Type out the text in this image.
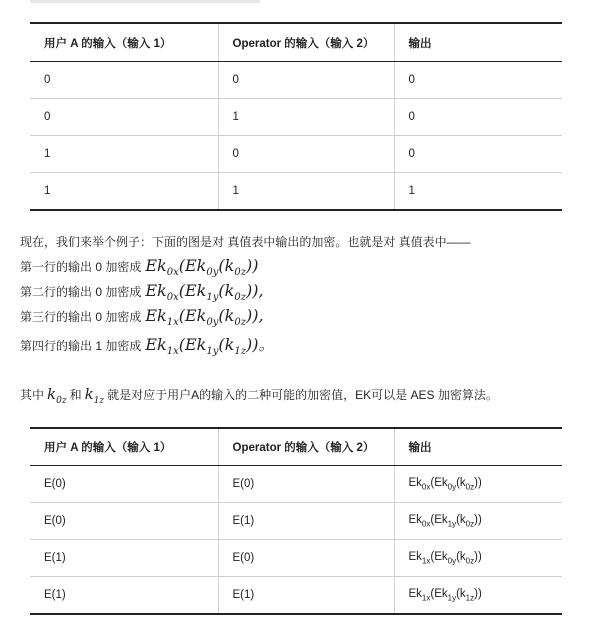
用户 A 的输入（输入 1）	Operator 的输入（输入 2）	输出
0	0	0
0	1	0
1	0	0
1	1	1
现在，我们来举个例子：下面的图是对 真值表中输出的加密。也就是对 真值表中——
第一行的输出 0 加密成 $Ek_{0x}(Ek_{0y}(k_{0z}))$
第二行的输出 0 加密成 $Ek_{0x}(Ek_{1y}(k_{0z}))$,
第三行的输出 0 加密成 $Ek_{1x}(Ek_{0y}(k_{0z}))$,
第四行的输出 1 加密成 $Ek_{1x}(Ek_{1y}(k_{1z}))$。
其中 $k_{0z}$ 和 $k_{1z}$ 就是对应于用户A的输入的二种可能的加密值，EK可以是 AES 加密算法。
用户 A 的输入（输入 1）	Operator 的输入（输入 2）	输出
E(0)	E(0)	$Ek_{0x}(Ek_{0y}(k_{0z}))$
E(0)	E(1)	$Ek_{0x}(Ek_{1y}(k_{0z}))$
E(1)	E(0)	$Ek_{1x}(Ek_{0y}(k_{0z}))$
E(1)	E(1)	$Ek_{1x}(Ek_{1y}(k_{1z}))$
